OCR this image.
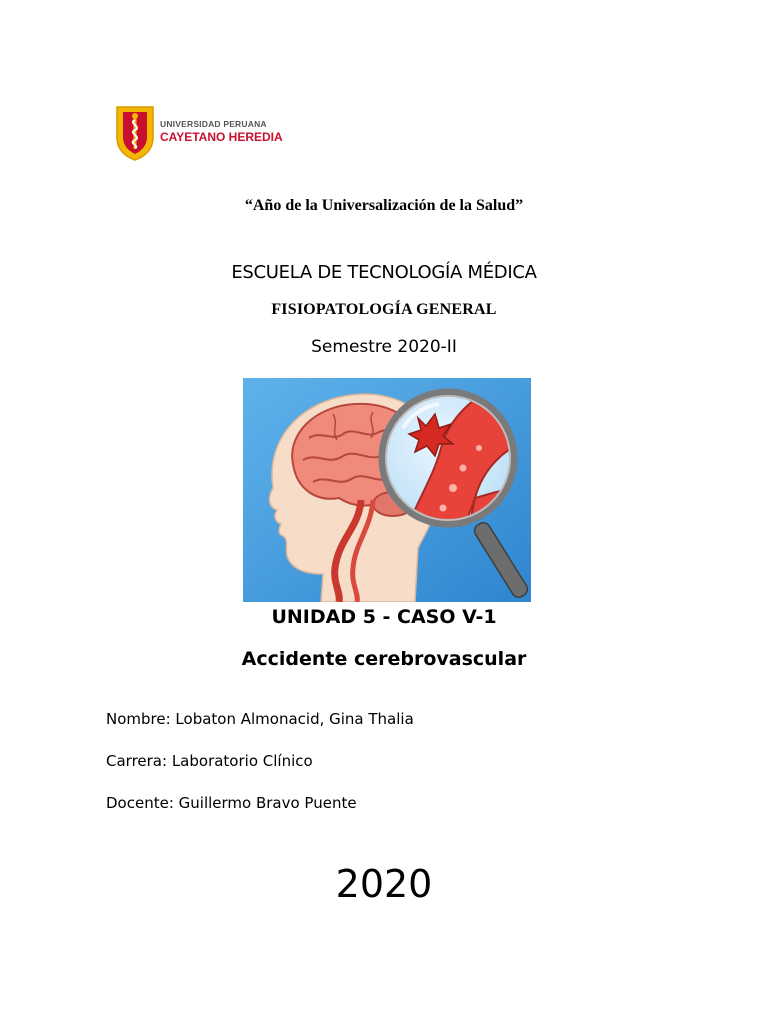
UNIVERSIDAD PERUANA
CAYETANO HEREDIA
“Año de la Universalización de la Salud”
ESCUELA DE TECNOLOGÍA MÉDICA
FISIOPATOLOGÍA GENERAL
Semestre 2020-II
UNIDAD 5 - CASO V-1
Accidente cerebrovascular
Nombre: Lobaton Almonacid, Gina Thalia
Carrera: Laboratorio Clínico
Docente: Guillermo Bravo Puente
2020
